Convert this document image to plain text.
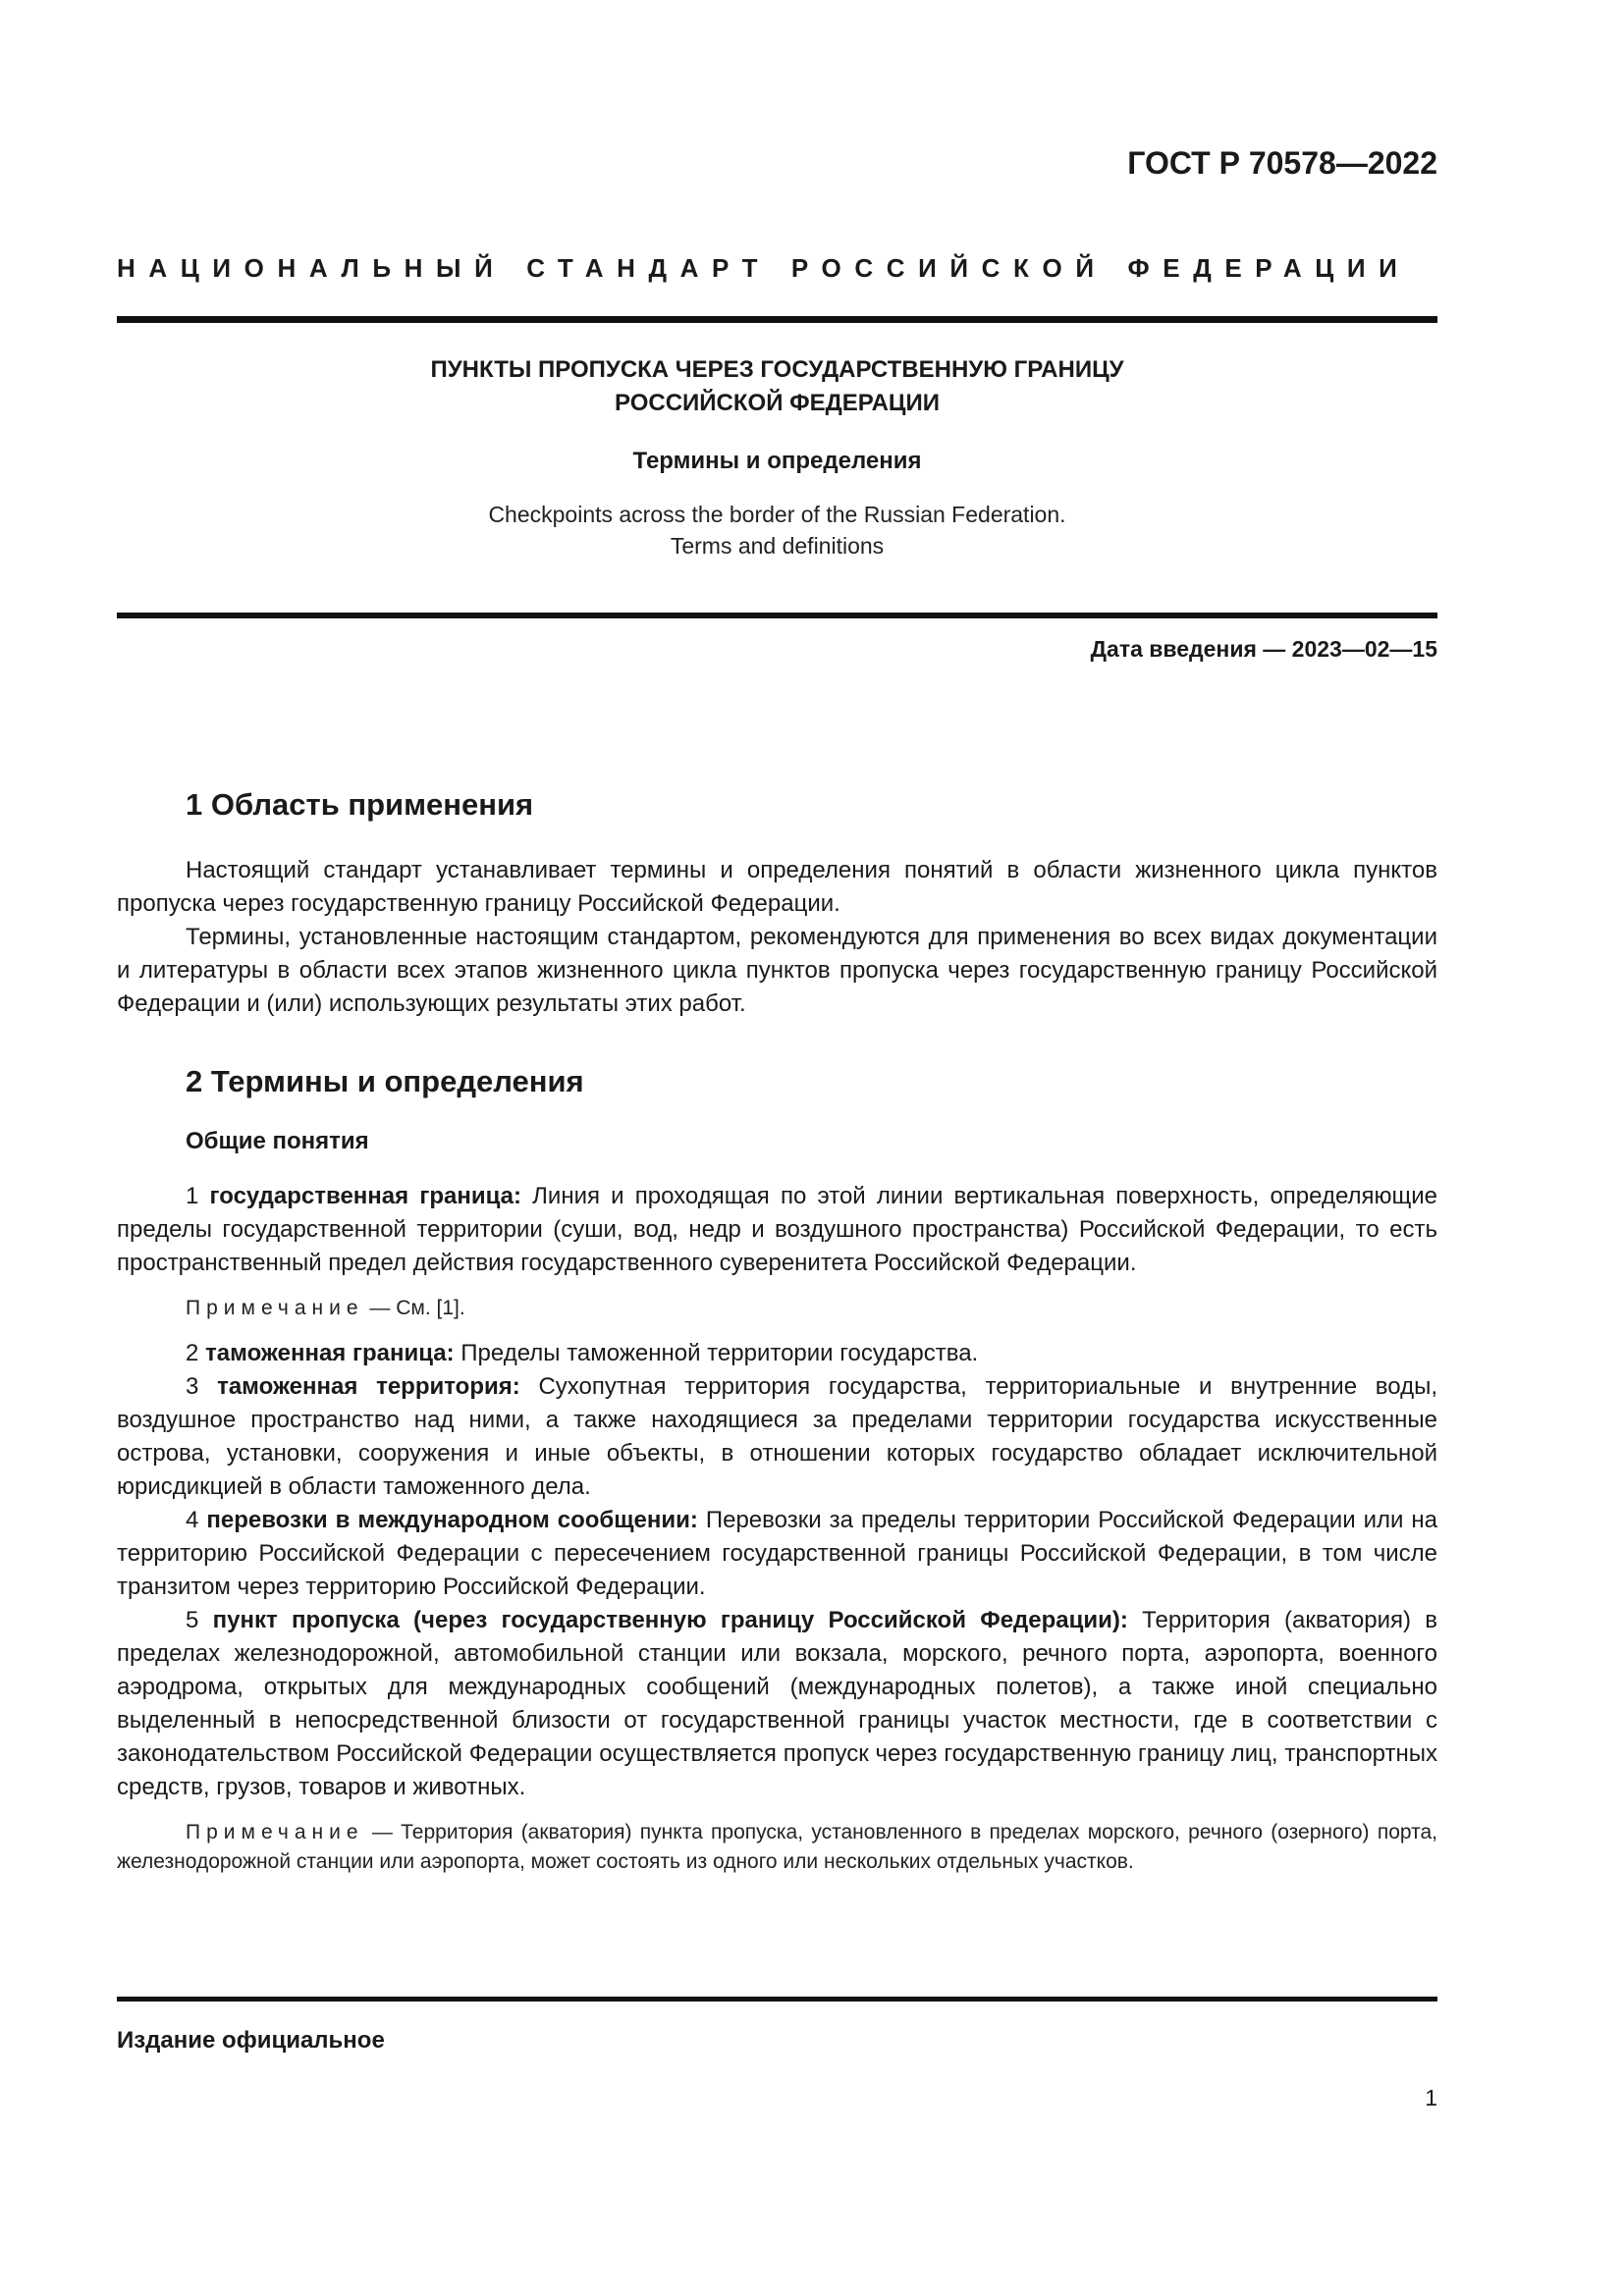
ГОСТ Р 70578—2022

НАЦИОНАЛЬНЫЙ СТАНДАРТ РОССИЙСКОЙ ФЕДЕРАЦИИ

ПУНКТЫ ПРОПУСКА ЧЕРЕЗ ГОСУДАРСТВЕННУЮ ГРАНИЦУ
РОССИЙСКОЙ ФЕДЕРАЦИИ

Термины и определения

Checkpoints across the border of the Russian Federation.
Terms and definitions

Дата введения — 2023—02—15

1 Область применения

Настоящий стандарт устанавливает термины и определения понятий в области жизненного цикла пунктов пропуска через государственную границу Российской Федерации.

Термины, установленные настоящим стандартом, рекомендуются для применения во всех видах документации и литературы в области всех этапов жизненного цикла пунктов пропуска через государственную границу Российской Федерации и (или) использующих результаты этих работ.

2 Термины и определения

Общие понятия

1 государственная граница: Линия и проходящая по этой линии вертикальная поверхность, определяющие пределы государственной территории (суши, вод, недр и воздушного пространства) Российской Федерации, то есть пространственный предел действия государственного суверенитета Российской Федерации.

Примечание — См. [1].

2 таможенная граница: Пределы таможенной территории государства.

3 таможенная территория: Сухопутная территория государства, территориальные и внутренние воды, воздушное пространство над ними, а также находящиеся за пределами территории государства искусственные острова, установки, сооружения и иные объекты, в отношении которых государство обладает исключительной юрисдикцией в области таможенного дела.

4 перевозки в международном сообщении: Перевозки за пределы территории Российской Федерации или на территорию Российской Федерации с пересечением государственной границы Российской Федерации, в том числе транзитом через территорию Российской Федерации.

5 пункт пропуска (через государственную границу Российской Федерации): Территория (акватория) в пределах железнодорожной, автомобильной станции или вокзала, морского, речного порта, аэропорта, военного аэродрома, открытых для международных сообщений (международных полетов), а также иной специально выделенный в непосредственной близости от государственной границы участок местности, где в соответствии с законодательством Российской Федерации осуществляется пропуск через государственную границу лиц, транспортных средств, грузов, товаров и животных.

Примечание — Территория (акватория) пункта пропуска, установленного в пределах морского, речного (озерного) порта, железнодорожной станции или аэропорта, может состоять из одного или нескольких отдельных участков.

Издание официальное

1
